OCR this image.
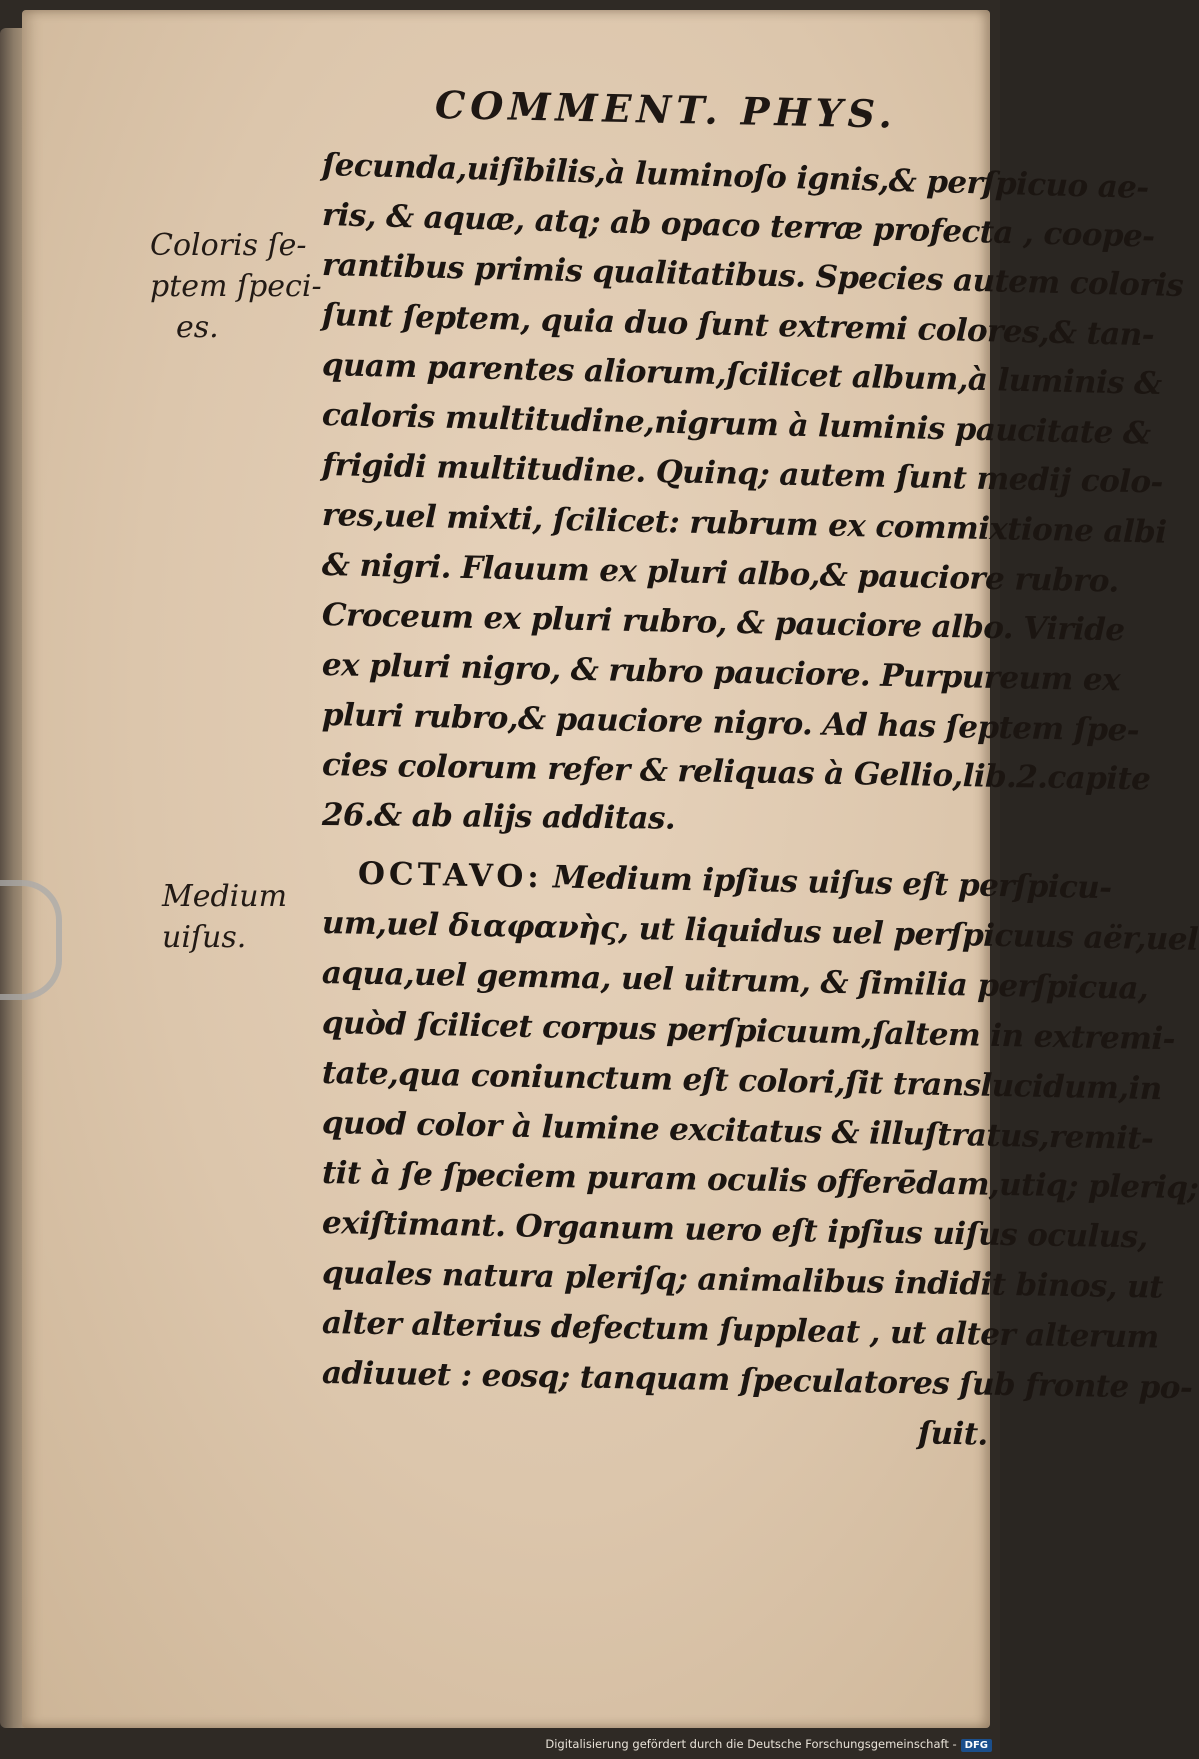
COMMENT. PHYS.
Coloris ſe-
ptem ſpeci-
es.
Medium
uiſus.
ſecunda,uiſibilis,à luminoſo ignis,& perſpicuo ae-
ris, & aquæ, atq; ab opaco terræ profecta , coope-
rantibus primis qualitatibus. Species autem coloris
ſunt ſeptem, quia duo ſunt extremi colores,& tan-
quam parentes aliorum,ſcilicet album,à luminis &
caloris multitudine,nigrum à luminis paucitate &
frigidi multitudine. Quinq; autem ſunt medij colo-
res,uel mixti, ſcilicet: rubrum ex commixtione albi
& nigri. Flauum ex pluri albo,& pauciore rubro.
Croceum ex pluri rubro, & pauciore albo. Viride
ex pluri nigro, & rubro pauciore. Purpureum ex
pluri rubro,& pauciore nigro. Ad has ſeptem ſpe-
cies colorum refer & reliquas à Gellio,lib.2.capite
26.& ab alijs additas.
OCTAVO: Medium ipſius uiſus eſt perſpicu-
um,uel διαφανὴς, ut liquidus uel perſpicuus aër,uel
aqua,uel gemma, uel uitrum, & ſimilia perſpicua,
quòd ſcilicet corpus perſpicuum,ſaltem in extremi-
tate,qua coniunctum eſt colori,ſit translucidum,in
quod color à lumine excitatus & illuſtratus,remit-
tit à ſe ſpeciem puram oculis offerēdam,utiq; pleriq;
exiſtimant. Organum uero eſt ipſius uiſus oculus,
quales natura pleriſq; animalibus indidit binos, ut
alter alterius defectum ſuppleat , ut alter alterum
adiuuet : eosq; tanquam ſpeculatores ſub fronte po-
ſuit.
Digitalisierung gefördert durch die Deutsche Forschungsgemeinschaft - DFG
